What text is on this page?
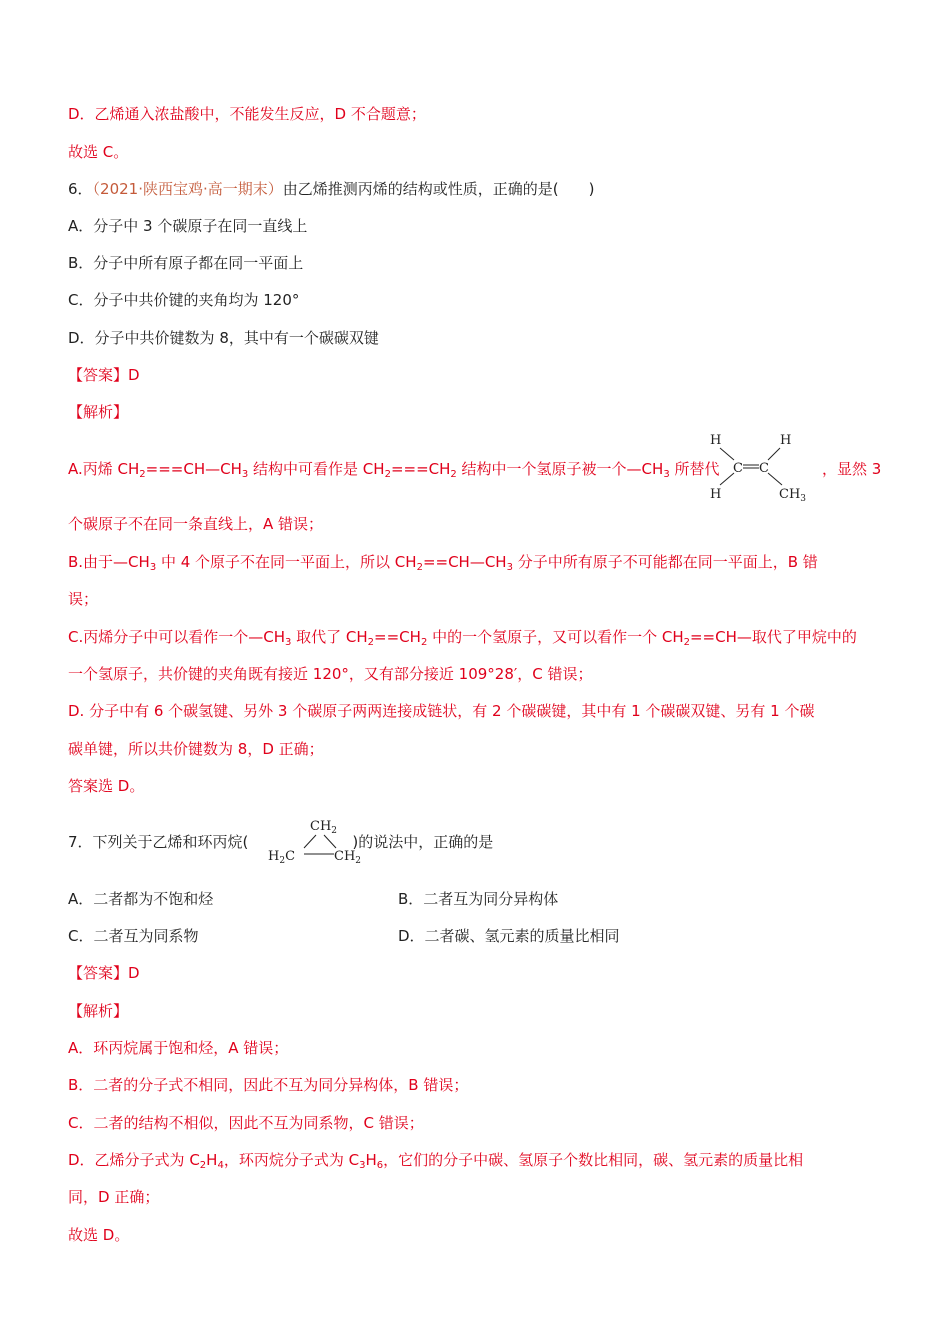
D．乙烯通入浓盐酸中，不能发生反应，D 不合题意；
故选 C。
6．（2021·陕西宝鸡·高一期末）由乙烯推测丙烯的结构或性质，正确的是(　　)
A．分子中 3 个碳原子在同一直线上
B．分子中所有原子都在同一平面上
C．分子中共价键的夹角均为 120°
D．分子中共价键数为 8，其中有一个碳碳双键
【答案】D
【解析】
A.丙烯 $CH_2===CH—CH_3$ 结构中可看作是 $CH_2===CH_2$ 结构中一个氢原子被一个$—CH_3$ 所替代
H	H
C C
H	$CH_3$
，显然 3
个碳原子不在同一条直线上，A 错误；
B.由于$—CH_3$ 中 4 个原子不在同一平面上，所以 $CH_2==CH—CH_3$ 分子中所有原子不可能都在同一平面上，B 错
误；
C.丙烯分子中可以看作一个$—CH_3$ 取代了 $CH_2==CH_2$ 中的一个氢原子，又可以看作一个 $CH_2==CH—$取代了甲烷中的
一个氢原子，共价键的夹角既有接近 120°，又有部分接近 109°28′，C 错误；
D. 分子中有 6 个碳氢键、另外 3 个碳原子两两连接成链状，有 2 个碳碳键，其中有 1 个碳碳双键、另有 1 个碳
碳单键，所以共价键数为 8，D 正确；
答案选 D。
7．下列关于乙烯和环丙烷(	)的说法中，正确的是
$CH_2$
$H_2C$	$CH_2$
A．二者都为不饱和烃	B．二者互为同分异构体
C．二者互为同系物	D．二者碳、氢元素的质量比相同
【答案】D
【解析】
A．环丙烷属于饱和烃，A 错误；
B．二者的分子式不相同，因此不互为同分异构体，B 错误；
C．二者的结构不相似，因此不互为同系物，C 错误；
D．乙烯分子式为 $C_2H_4$，环丙烷分子式为 $C_3H_6$，它们的分子中碳、氢原子个数比相同，碳、氢元素的质量比相
同，D 正确；
故选 D。
